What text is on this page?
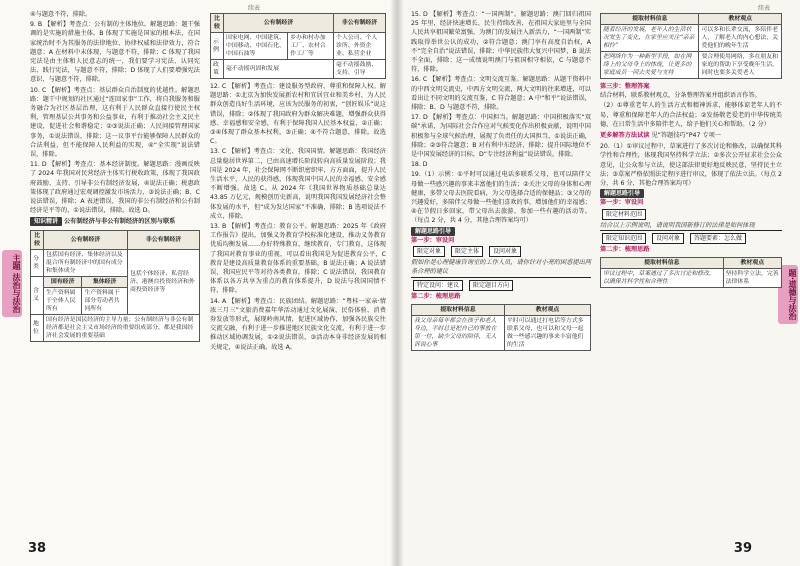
续表
主题 法治与法治

④与题意不符，排除。

9. B 【解析】考查点：公有制的主体地位。解题思路：题干强调的是实施的措施主体。B 体现了实施是国家的根本法，在国家统治时不为其服务的法律地位、协律权威和法律效力，符合题意；A 在材料中未体现，与题意不符，排除；C 体现了我国宪法是由主体和人民意志的统一，我们要学习宪法、认同宪法、践行宪法，与题意不符，排除；D 体现了人们要增强宪法意识，与题意不符，排除。

10. C 【解析】考查点：基层群众自治制度的优越性。解题思路：题干中规划的社区通过“连回家事”工作，将自我服务和服务融合为社区基层治理，这有利于人民群众直接行使民主权利，管理基层公共事务和公益事业，有利于推动社会主义民主建设，促进社会和谐稳定；②③说法正确；人民问接管理国家事务，①说法错误，排除；这一议事平台能够保障人民群众的合法利益，但不能保障人民利益的实现，④“全实现”说法错误，排除。

11. D 【解析】考查点：基本经济制度。解题思路：漫画反映了 2024 年我国对民营经济主体实行税收政策，体现了我国政府鼓励、支持、引导非公有制经济发展，④说法正确；税惠政策体现了政府通过宏观调控激发市场活力，③说法正确；B、C 说法错误，排除；A 表述错误，我国的非公有制经济和公有制经济是平等的，①说法错误，排除。故选 D。

知识精讲 公有制经济与非公有制经济的区别与联系
比较	公有制经济		非公有制经济
分类	包括国有经济、集体经济以及混合所有制经济中的国有成分和集体成分		包括个体经济、私营经济、港澳台投资经济和外商投资经济等
含义	国有经济	集体经济	
	生产资料属于全体人民所有	生产资料属于部分劳动者共同所有	
地位	国有经济是国民经济的主导力量；公有制经济与非公有制经济都是社会主义市场经济的重要组成部分，都是我国经济社会发展的重要基础		
比较	公有制经济		非公有制经济
示例	国家电网、中国建筑、中国移动、中国石化、中国石油等	乡办和村办加工厂、农村合作工厂等	个人公司、个人诊所、外资企业、私营企业
政策	毫不动摇巩固和发展		毫不动摇鼓励、支持、引导

12. C 【解析】考查点：建设服务型政府、尊重和保障人权。解题思路：①北京为加快发展新农村和宜居宜业和美乡村，为人民群众创造良好生活环境，应该为民服务的初衷，“创匠娱乐”说这错误，排除；②体现了我国政府为群众解决难题，增强群众获得感、幸福感和安全感，有利于保障我国人民基本权益，②正确；③④体现了群众基本权利，③正确；④不符合题意，排除。故选 C。

13. C 【解析】考查点：文化、我国国情。解题思路：我国经济总量稳居世界第二，已由高速增长阶段转向高质量发展阶段；我国是 2024 年，社会保障网不断织密织牢，方方面面，提升人民生活水平，人民的获得感，体现我国中国人民的幸福感、安全感不断增强。故选 C。从 2024 年《我国世界物质基础总量达 43.85 万亿元，规模创历史新高，说明我国我国发展经济社会整体发展的水平，但“成为发达国家”不准确，排除；B 选项说法不成立，排除。

13. B 【解析】考查点：教育公平。解题思路：2025 年《政府工作报告》提出，加强义务教育学校标准化建设，推动义务教育优质均衡发展……办好特殊教育、继续教育，专门教育，这体现了我国对教育事业的重视，可以看出我国是为促进教育公平，C 教育是建设高质量教育体系的重要基础，B 说法正确；A 说法错误，我国应民平等对待各类教育，排除；C 说法错误，我国教育体系以各方共享为重点的教育体系提升，D 说法与我国国情不符，排除。

14. A 【解析】考查点：民族团结。解题思路：“粤桂一家亲·情浓三月三”文旅消费嘉年华活动通过文化展演、民俗体验、消费券发放等形式，展现岭南风情，促进区域协作，加强各民族交往交流交融，有利于进一步推进地区民族文化交流，有利于进一步推动区域协调发展，①②说法错误，③活动本身非经济发展的相关规定，④说法正确。故选 A。

38
续表
题·道德与法治

15. D 【解析】考查点：“一国两制”。解题思路：澳门回归祖国 25 年里，经济快速增长、民生持续改善，在祖国大家庭里与全国人民共享祖国繁荣富强，为澳门的发展注入新活力，“一国两制”实践取得举世公认的成功，②符合题意；澳门享有高度自治权，A 不“完全自治”说法错误，排除；中华民族伟大复兴中国梦，B 说法不全面，排除；这一成绩说明澳门与祖国相守相依，C 与题意不符，排除。

16. C 【解析】考查点：文明交流互鉴。解题思路：从题干资料中的中西文明交流史，中西方文明交流，两大文明的往来增进，可以看出让不同文明的交流互鉴，C 符合题意；A 中“和平”说法错误，排除；B、D 与题意不符，排除。

17. D 【解析】考查点：中国担当。解题思路：中国积极落实“双碳”承诺，为国际社会合作应对气候变化作出积极贡献，说明中国积极参与全球气候治理，展现了负责任的大国担当，①说法正确，排除；②③符合题意；B 对有利中东经济，排除；提升国际地位不是中国发展经济的目标，D“专注经济利益”说法错误，排除。

18. D

19.（1）示例：①平时可以通过电话多联系父母，也可以陪伴父母做一些感兴趣的事来丰富他们的生活；②关注父母的身体和心理健康，多带父母去医院看病，为父母选择合适的保健品；③父母的兴趣爱好，多陪伴父母做一些他们喜欢的事，增加他们的幸福感；④在节假日多回家，带父母出去旅游、参加一些有趣的活动等。（每点 2 分，共 4 分，其他合理答案均可）

解题思路引导
第一步：审设问
限定对象 限定主体 设问对象

假如你是心理健康咨询室的工作人员，请你针对小亮的困惑提出两条合理的建议

特定设问：建议 限定题目方向
第二步：梳理思路
提取材料信息	教材观点
我父母亲每年都会在孩子和老人身边，平时总是把自己的事放在第一位，缺少父母的陪伴，无人诉说心事	平时可以通过打电话等方式多联系父母，也可以和父母一起做一些感兴趣的事来丰富他们的生活
提取材料信息	教材观点
随着经济的发展，老年人的生活状况发生了变化，在家里应关注“亲亲相怜”	可以多和长辈交流，多陪伴老人，了解老人的内心想法，关爱他们的晚年生活
把网络作为一种新型手段，如在网络上的父母身上的体现，让更多的家庭成员一同去关爱与支持	要合理使用网络，多在朋友和家庭的帮助下享受晚年生活，同时也要多关爱老人
第三步：整理答案

结合材料，联系教材观点，分条整理答案并组织语言作答。

（2）①尊重老年人的生活方式和精神诉求，能够体谅老年人的不易，尊重和保障老年人的合法权益；②发扬敬老爱老的中华传统美德，在日常生活中多陪伴老人，给予他们关心和帮助。（2 分）

更多解答方法试读 见“答题技巧”P47 专项一

20.（1）①审议过程中，草案进行了多次讨论和修改，以确保其科学性和合理性，体现我国坚持科学立法；②多次公开征求社会公众意见，让公众参与立法，使这部法律更好地反映民意，坚持民主立法；③草案严格依照法定程序进行审议，体现了依法立法。（每点 2 分，共 6 分，其他合理答案均可）

解题思路引导
第一步：审设问
限定材料范围

结合以上示例说明，请说明我国新修订的法律是如何体现

限定知识范围 设问对象 答题要素：怎么做
第二步：梳理思路
提取材料信息	教材观点
审议过程中，草案通过了多次讨论和修改，以确保其科学性和合理性	坚持科学立法，完善法律体系
39
